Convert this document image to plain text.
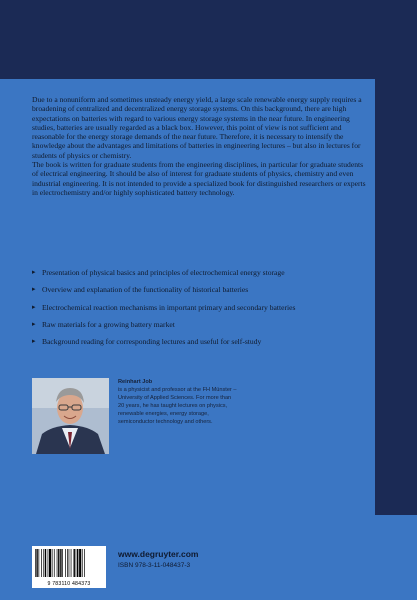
Due to a nonuniform and sometimes unsteady energy yield, a large scale renewable energy supply requires a broadening of centralized and decentralized energy storage systems. On this background, there are high expectations on batteries with regard to various energy storage systems in the near future. In engineering studies, batteries are usually regarded as a black box. However, this point of view is not sufficient and reasonable for the energy storage demands of the near future. Therefore, it is necessary to intensify the knowledge about the advantages and limitations of batteries in engineering lectures – but also in lectures for students of physics or chemistry.

The book is written for graduate students from the engineering disciplines, in particular for graduate students of electrical engineering. It should be also of interest for graduate students of physics, chemistry and even industrial engineering. It is not intended to provide a specialized book for distinguished researchers or experts in electrochemistry and/or highly sophisticated battery technology.

▸ Presentation of physical basics and principles of electrochemical energy storage
▸ Overview and explanation of the functionality of historical batteries
▸ Electrochemical reaction mechanisms in important primary and secondary batteries
▸ Raw materials for a growing battery market
▸ Background reading for corresponding lectures and useful for self-study
Reinhart Job
is a physicist and professor at the FH Münster – University of Applied Sciences. For more than 20 years, he has taught lectures on physics, renewable energies, energy storage, semiconductor technology and others.
9 783110 484373
www.degruyter.com
ISBN 978-3-11-048437-3
